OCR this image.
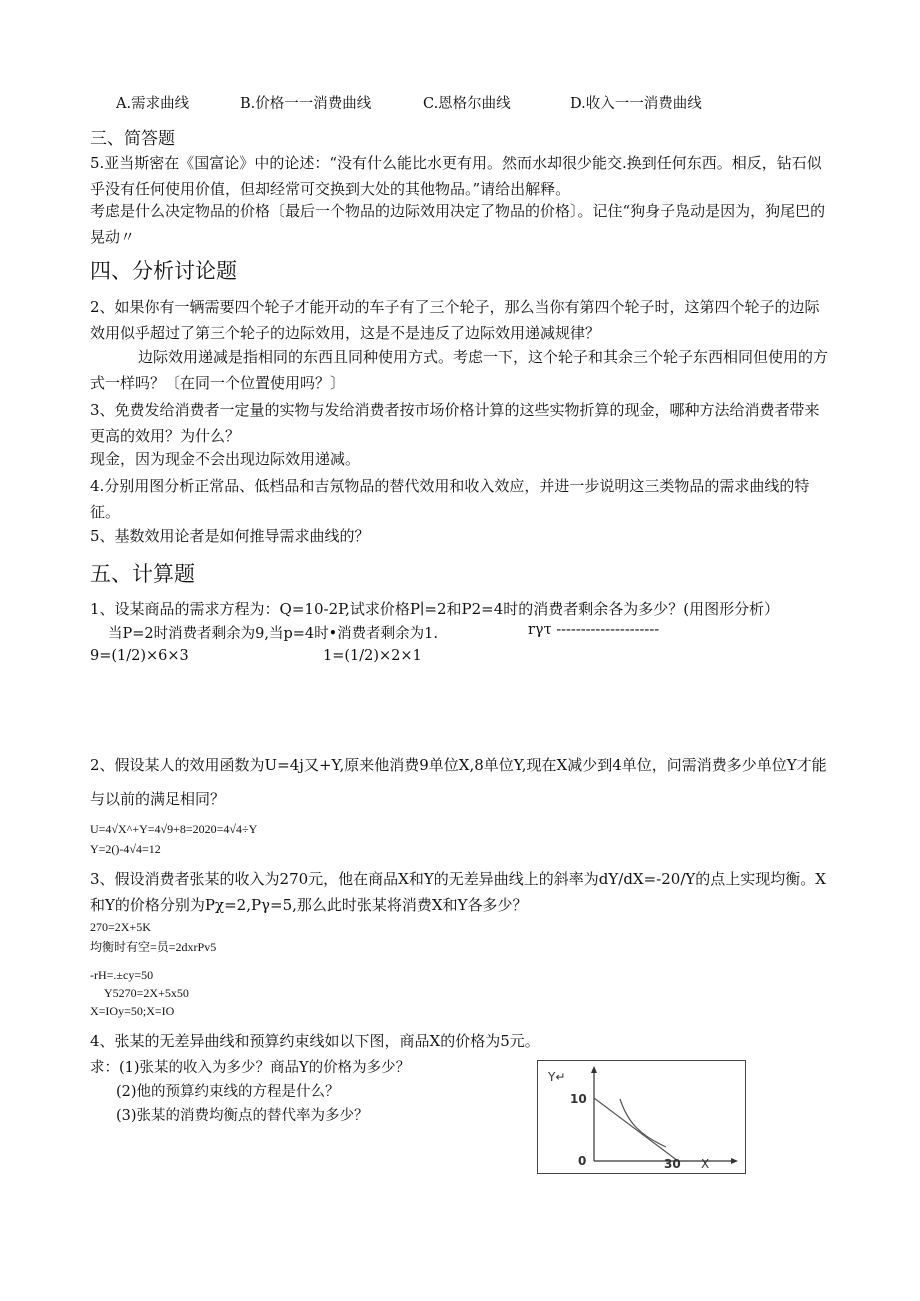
A.需求曲线	B.价格一一消费曲线	C.恩格尔曲线	D.收入一一消费曲线
三、简答题
5.亚当斯密在《国富论》中的论述：“没有什么能比水更有用。然而水却很少能交.换到任何东西。相反，钻石似乎没有任何使用价值，但却经常可交换到大处的其他物品。”请给出解释。
考虑是什么决定物品的价格〔最后一个物品的边际效用决定了物品的价格〕。记住“狗身子凫动是因为，狗尾巴的晃动〃
四、分析讨论题
2、如果你有一辆需要四个轮子才能开动的车子有了三个轮子，那么当你有第四个轮子时，这第四个轮子的边际效用似乎超过了第三个轮子的边际效用，这是不是违反了边际效用递减规律？
边际效用递减是指相同的东西且同种使用方式。考虑一下，这个轮子和其余三个轮子东西相同但使用的方式一样吗？〔在同一个位置使用吗？〕
3、免费发给消费者一定量的实物与发给消费者按市场价格计算的这些实物折算的现金，哪种方法给消费者带来更高的效用？为什么？
现金，因为现金不会出现边际效用递减。
4.分别用图分析正常品、低档品和吉氖物品的替代效用和收入效应，并进一步说明这三类物品的需求曲线的特征。
5、基数效用论者是如何推导需求曲线的？
五、计算题
1、设某商品的需求方程为：Q=10-2P,试求价格P∣=2和P2=4时的消费者剩余各为多少？(用图形分析）
当P=2时消费者剩余为9,当p=4时•消费者剩余为1.	rγτ ---------------------
9=(1/2)×6×3	1=(1/2)×2×1
2、假设某人的效用函数为U=4j又+Y,原来他消费9单位X,8单位Y,现在X减少到4单位，问需消费多少单位Y才能与以前的满足相同？
U=4√X^+Y=4√9+8=2020=4√4÷Y
Y=2()-4√4=12
3、假设消费者张某的收入为270元，他在商品X和Y的无差异曲线上的斜率为dY/dX=-20/Y的点上实现均衡。X和Y的价格分别为Pχ=2,Pγ=5,那么此时张某将消费X和Y各多少？
270=2X+5K
均衡时有空=员=2dxrPv5
-rH=.±cy=50
Y5270=2X+5x50
X=IOy=50;X=IO
4、张某的无差异曲线和预算约束线如以下图，商品X的价格为5元。
求：(1)张某的收入为多少？商品Y的价格为多少？
(2)他的预算约束线的方程是什么？
(3)张某的消费均衡点的替代率为多少？
Y↵
10
0	30 X
